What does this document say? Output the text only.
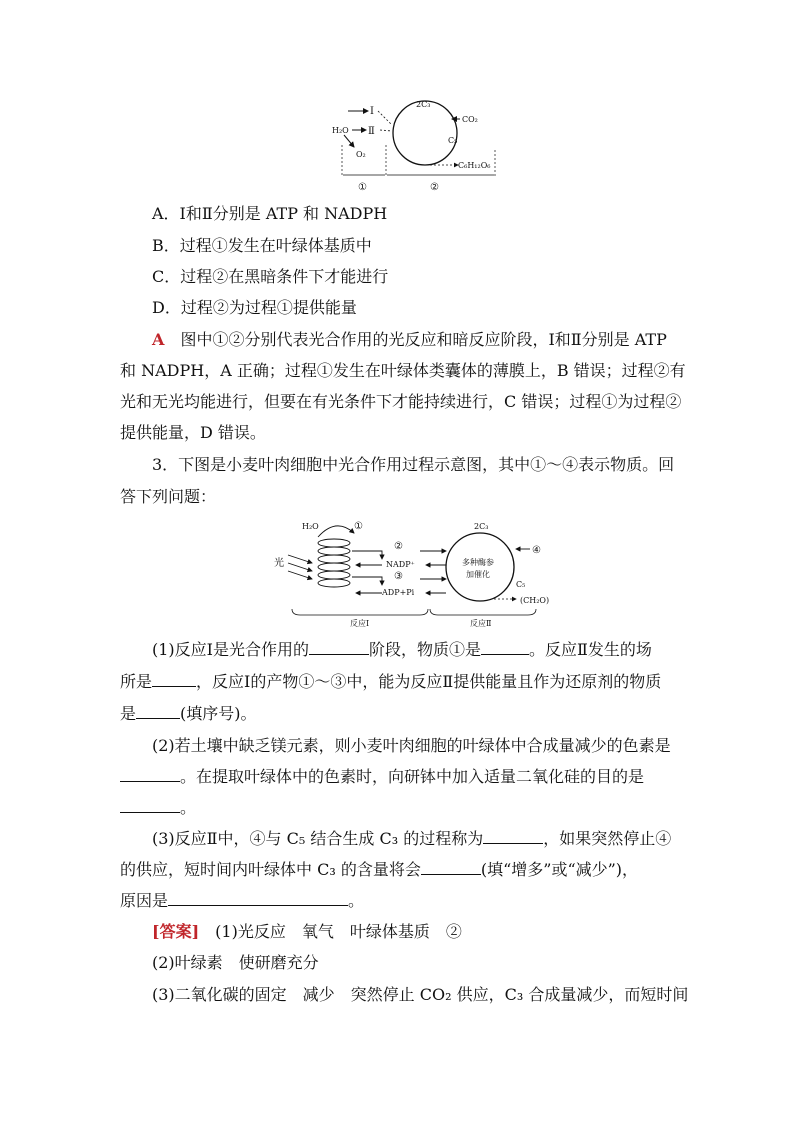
Ⅰ
H₂O Ⅱ
O₂
2C₃
CO₂
C₅
C₆H₁₂O₆
①	②
A．Ⅰ和Ⅱ分别是 ATP 和 NADPH
B．过程①发生在叶绿体基质中
C．过程②在黑暗条件下才能进行
D．过程②为过程①提供能量
A　 图中①②分别代表光合作用的光反应和暗反应阶段，Ⅰ和Ⅱ分别是 ATP
和 NADPH，A 正确；过程①发生在叶绿体类囊体的薄膜上，B 错误；过程②有
光和无光均能进行，但要在有光条件下才能持续进行，C 错误；过程①为过程②
提供能量，D 错误。
3．下图是小麦叶肉细胞中光合作用过程示意图，其中①～④表示物质。回
答下列问题：
光
H₂O	①
②
NADP⁺
③
ADP+Pi
2C₃
多种酶参
加催化
④
C₅
(CH₂O)
反应Ⅰ	反应Ⅱ
(1)反应Ⅰ是光合作用的	阶段，物质①是	。反应Ⅱ发生的场
所是	，反应Ⅰ的产物①～③中，能为反应Ⅱ提供能量且作为还原剂的物质
是	(填序号)。
(2)若土壤中缺乏镁元素，则小麦叶肉细胞的叶绿体中合成量减少的色素是
。在提取叶绿体中的色素时，向研钵中加入适量二氧化硅的目的是
。
(3)反应Ⅱ中，④与 C₅ 结合生成 C₃ 的过程称为	，如果突然停止④
的供应，短时间内叶绿体中 C₃ 的含量将会	(填“增多”或“减少”)，
原因是	。
[答案]　 (1)光反应　氧气　叶绿体基质　②
(2)叶绿素　使研磨充分
(3)二氧化碳的固定　减少　突然停止 CO₂ 供应，C₃ 合成量减少，而短时间
